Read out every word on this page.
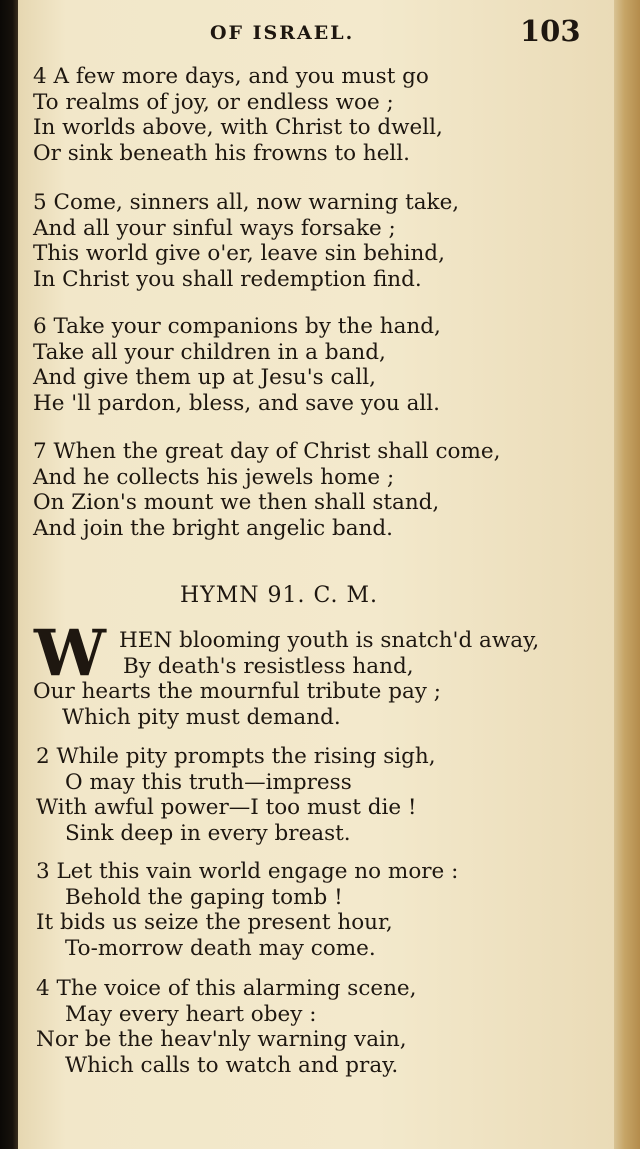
OF ISRAEL.	103
4 A few more days, and you must go
To realms of joy, or endless woe ;
In worlds above, with Christ to dwell,
Or sink beneath his frowns to hell.
5 Come, sinners all, now warning take,
And all your sinful ways forsake ;
This world give o'er, leave sin behind,
In Christ you shall redemption find.
6 Take your companions by the hand,
Take all your children in a band,
And give them up at Jesu's call,
He 'll pardon, bless, and save you all.
7 When the great day of Christ shall come,
And he collects his jewels home ;
On Zion's mount we then shall stand,
And join the bright angelic band.
HYMN 91. C. M.
W HEN blooming youth is snatch'd away,
By death's resistless hand,
Our hearts the mournful tribute pay ;
Which pity must demand.
2 While pity prompts the rising sigh,
O may this truth—impress
With awful power—I too must die !
Sink deep in every breast.
3 Let this vain world engage no more :
Behold the gaping tomb !
It bids us seize the present hour,
To-morrow death may come.
4 The voice of this alarming scene,
May every heart obey :
Nor be the heav'nly warning vain,
Which calls to watch and pray.
